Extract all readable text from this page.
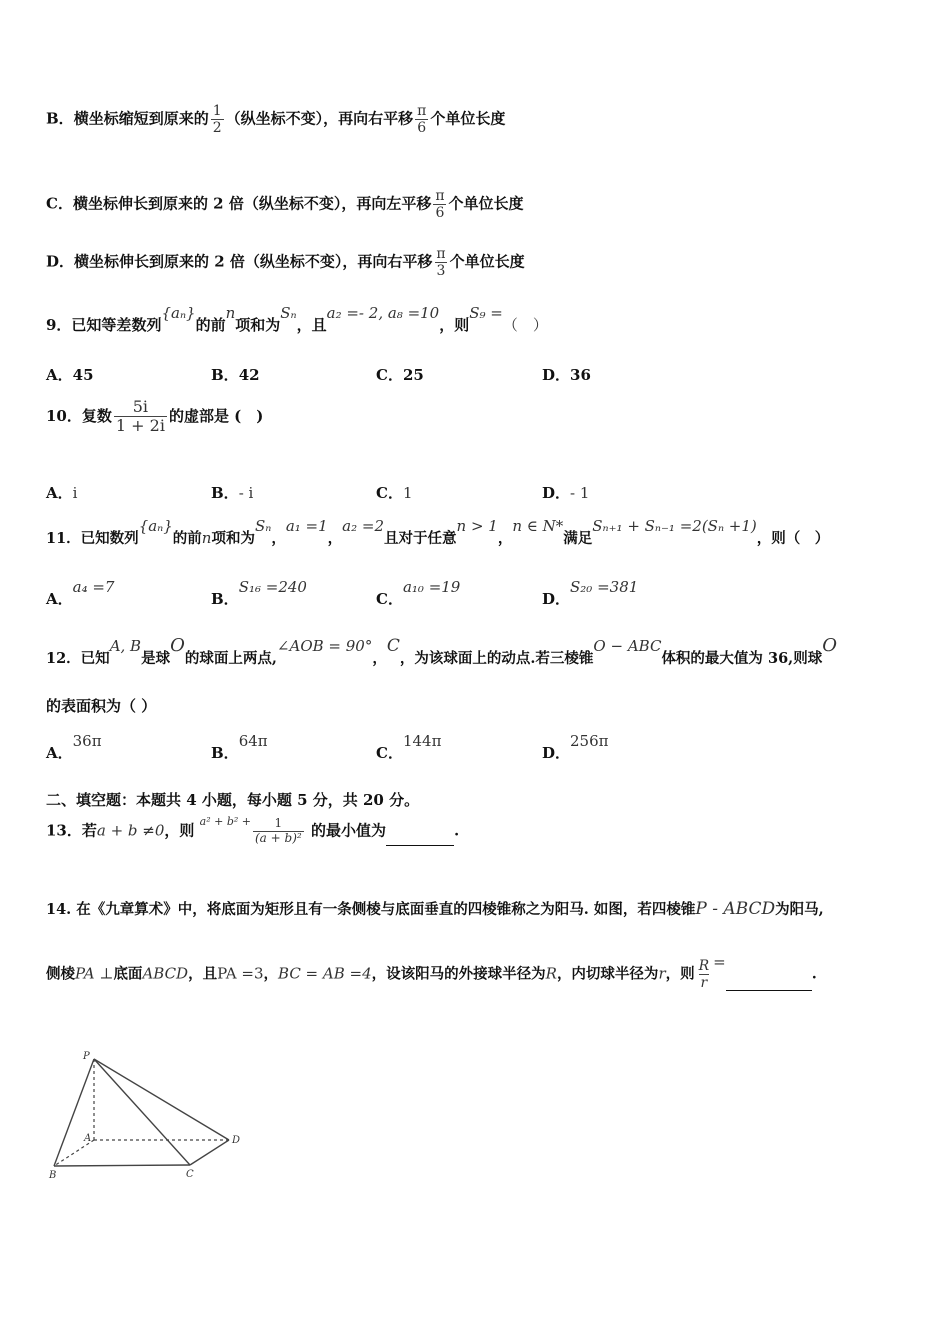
B．横坐标缩短到原来的 $\frac{1}{2}$ （纵坐标不变），再向右平移 $\frac{\pi}{6}$ 个单位长度
C．横坐标伸长到原来的 2 倍（纵坐标不变），再向左平移 $\frac{\pi}{6}$ 个单位长度
D．横坐标伸长到原来的 2 倍（纵坐标不变），再向右平移 $\frac{\pi}{3}$ 个单位长度
9．已知等差数列{aₙ}的前n项和为Sₙ，且a₂ =- 2, a₈ =10，则S₉ =（　）
A．45	B．42	C．25	D．36
10．复数 $\frac{5i}{1 + 2i}$ 的虚部是 (　)
A．i	B．- i	C．1	D．- 1
11．已知数列{aₙ}的前n项和为Sₙ，a₁ =1，a₂ =2且对于任意n > 1，n ∈ N*满足Sₙ₊₁ + Sₙ₋₁ =2(Sₙ +1)，则（　）
A．a₄ =7
B．S₁₆ =240
C．a₁₀ =19
D．S₂₀ =381
12．已知A, B是球O的球面上两点,∠AOB = 90°，C，为该球面上的动点.若三棱锥O − ABC体积的最大值为 36,则球O
的表面积为（ ）
A．36π
B．64π
C．144π
D．256π
二、填空题：本题共 4 小题，每小题 5 分，共 20 分。
13．若a + b ≠0，则 $a^2 + b^2 + \frac{1}{\text{(a + b)²}}$ 的最小值为	.
14. 在《九章算术》中，将底面为矩形且有一条侧棱与底面垂直的四棱锥称之为阳马. 如图，若四棱锥P - ABCD为阳马,
侧棱PA ⊥底面ABCD，且PA =3，BC = AB =4，设该阳马的外接球半径为R，内切球半径为r，则 $\frac{R}{r}$ =.
P
A
B	C
D
